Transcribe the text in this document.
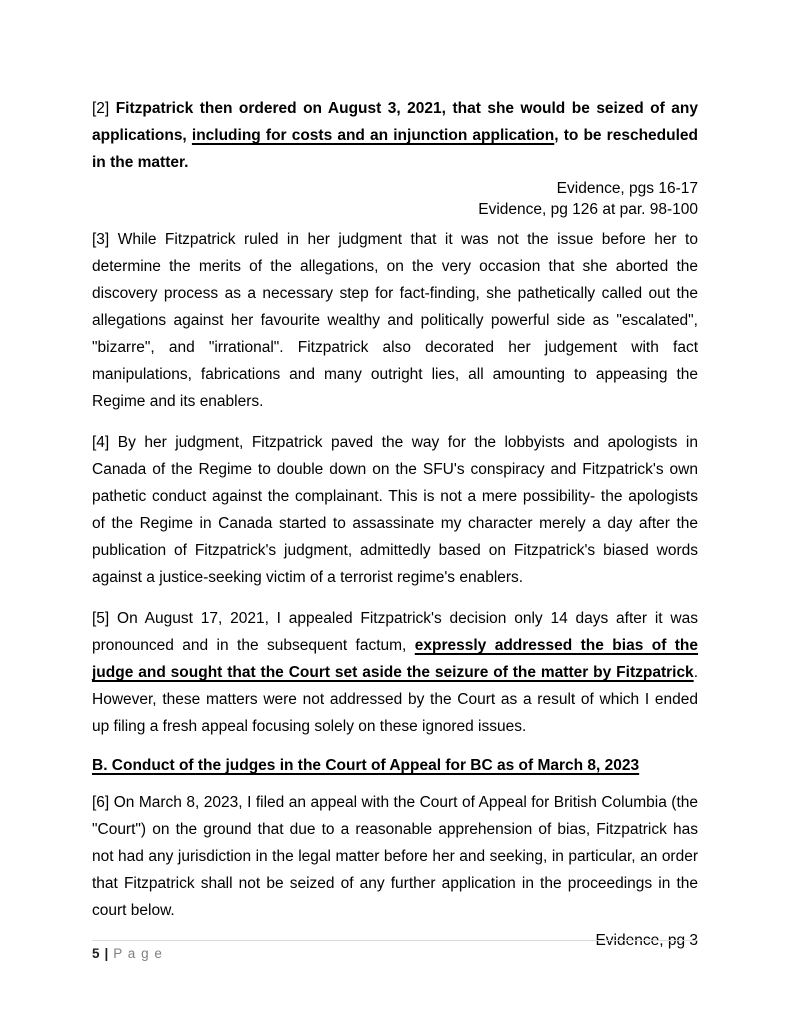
[2] Fitzpatrick then ordered on August 3, 2021, that she would be seized of any applications, including for costs and an injunction application, to be rescheduled in the matter.

Evidence, pgs 16-17
Evidence, pg 126 at par. 98-100

[3] While Fitzpatrick ruled in her judgment that it was not the issue before her to determine the merits of the allegations, on the very occasion that she aborted the discovery process as a necessary step for fact-finding, she pathetically called out the allegations against her favourite wealthy and politically powerful side as "escalated", "bizarre", and "irrational". Fitzpatrick also decorated her judgement with fact manipulations, fabrications and many outright lies, all amounting to appeasing the Regime and its enablers.

[4] By her judgment, Fitzpatrick paved the way for the lobbyists and apologists in Canada of the Regime to double down on the SFU's conspiracy and Fitzpatrick's own pathetic conduct against the complainant. This is not a mere possibility- the apologists of the Regime in Canada started to assassinate my character merely a day after the publication of Fitzpatrick's judgment, admittedly based on Fitzpatrick's biased words against a justice-seeking victim of a terrorist regime's enablers.

[5] On August 17, 2021, I appealed Fitzpatrick's decision only 14 days after it was pronounced and in the subsequent factum, expressly addressed the bias of the judge and sought that the Court set aside the seizure of the matter by Fitzpatrick. However, these matters were not addressed by the Court as a result of which I ended up filing a fresh appeal focusing solely on these ignored issues.

B. Conduct of the judges in the Court of Appeal for BC as of March 8, 2023

[6] On March 8, 2023, I filed an appeal with the Court of Appeal for British Columbia (the "Court") on the ground that due to a reasonable apprehension of bias, Fitzpatrick has not had any jurisdiction in the legal matter before her and seeking, in particular, an order that Fitzpatrick shall not be seized of any further application in the proceedings in the court below.

Evidence, pg 3
5 | P a g e
